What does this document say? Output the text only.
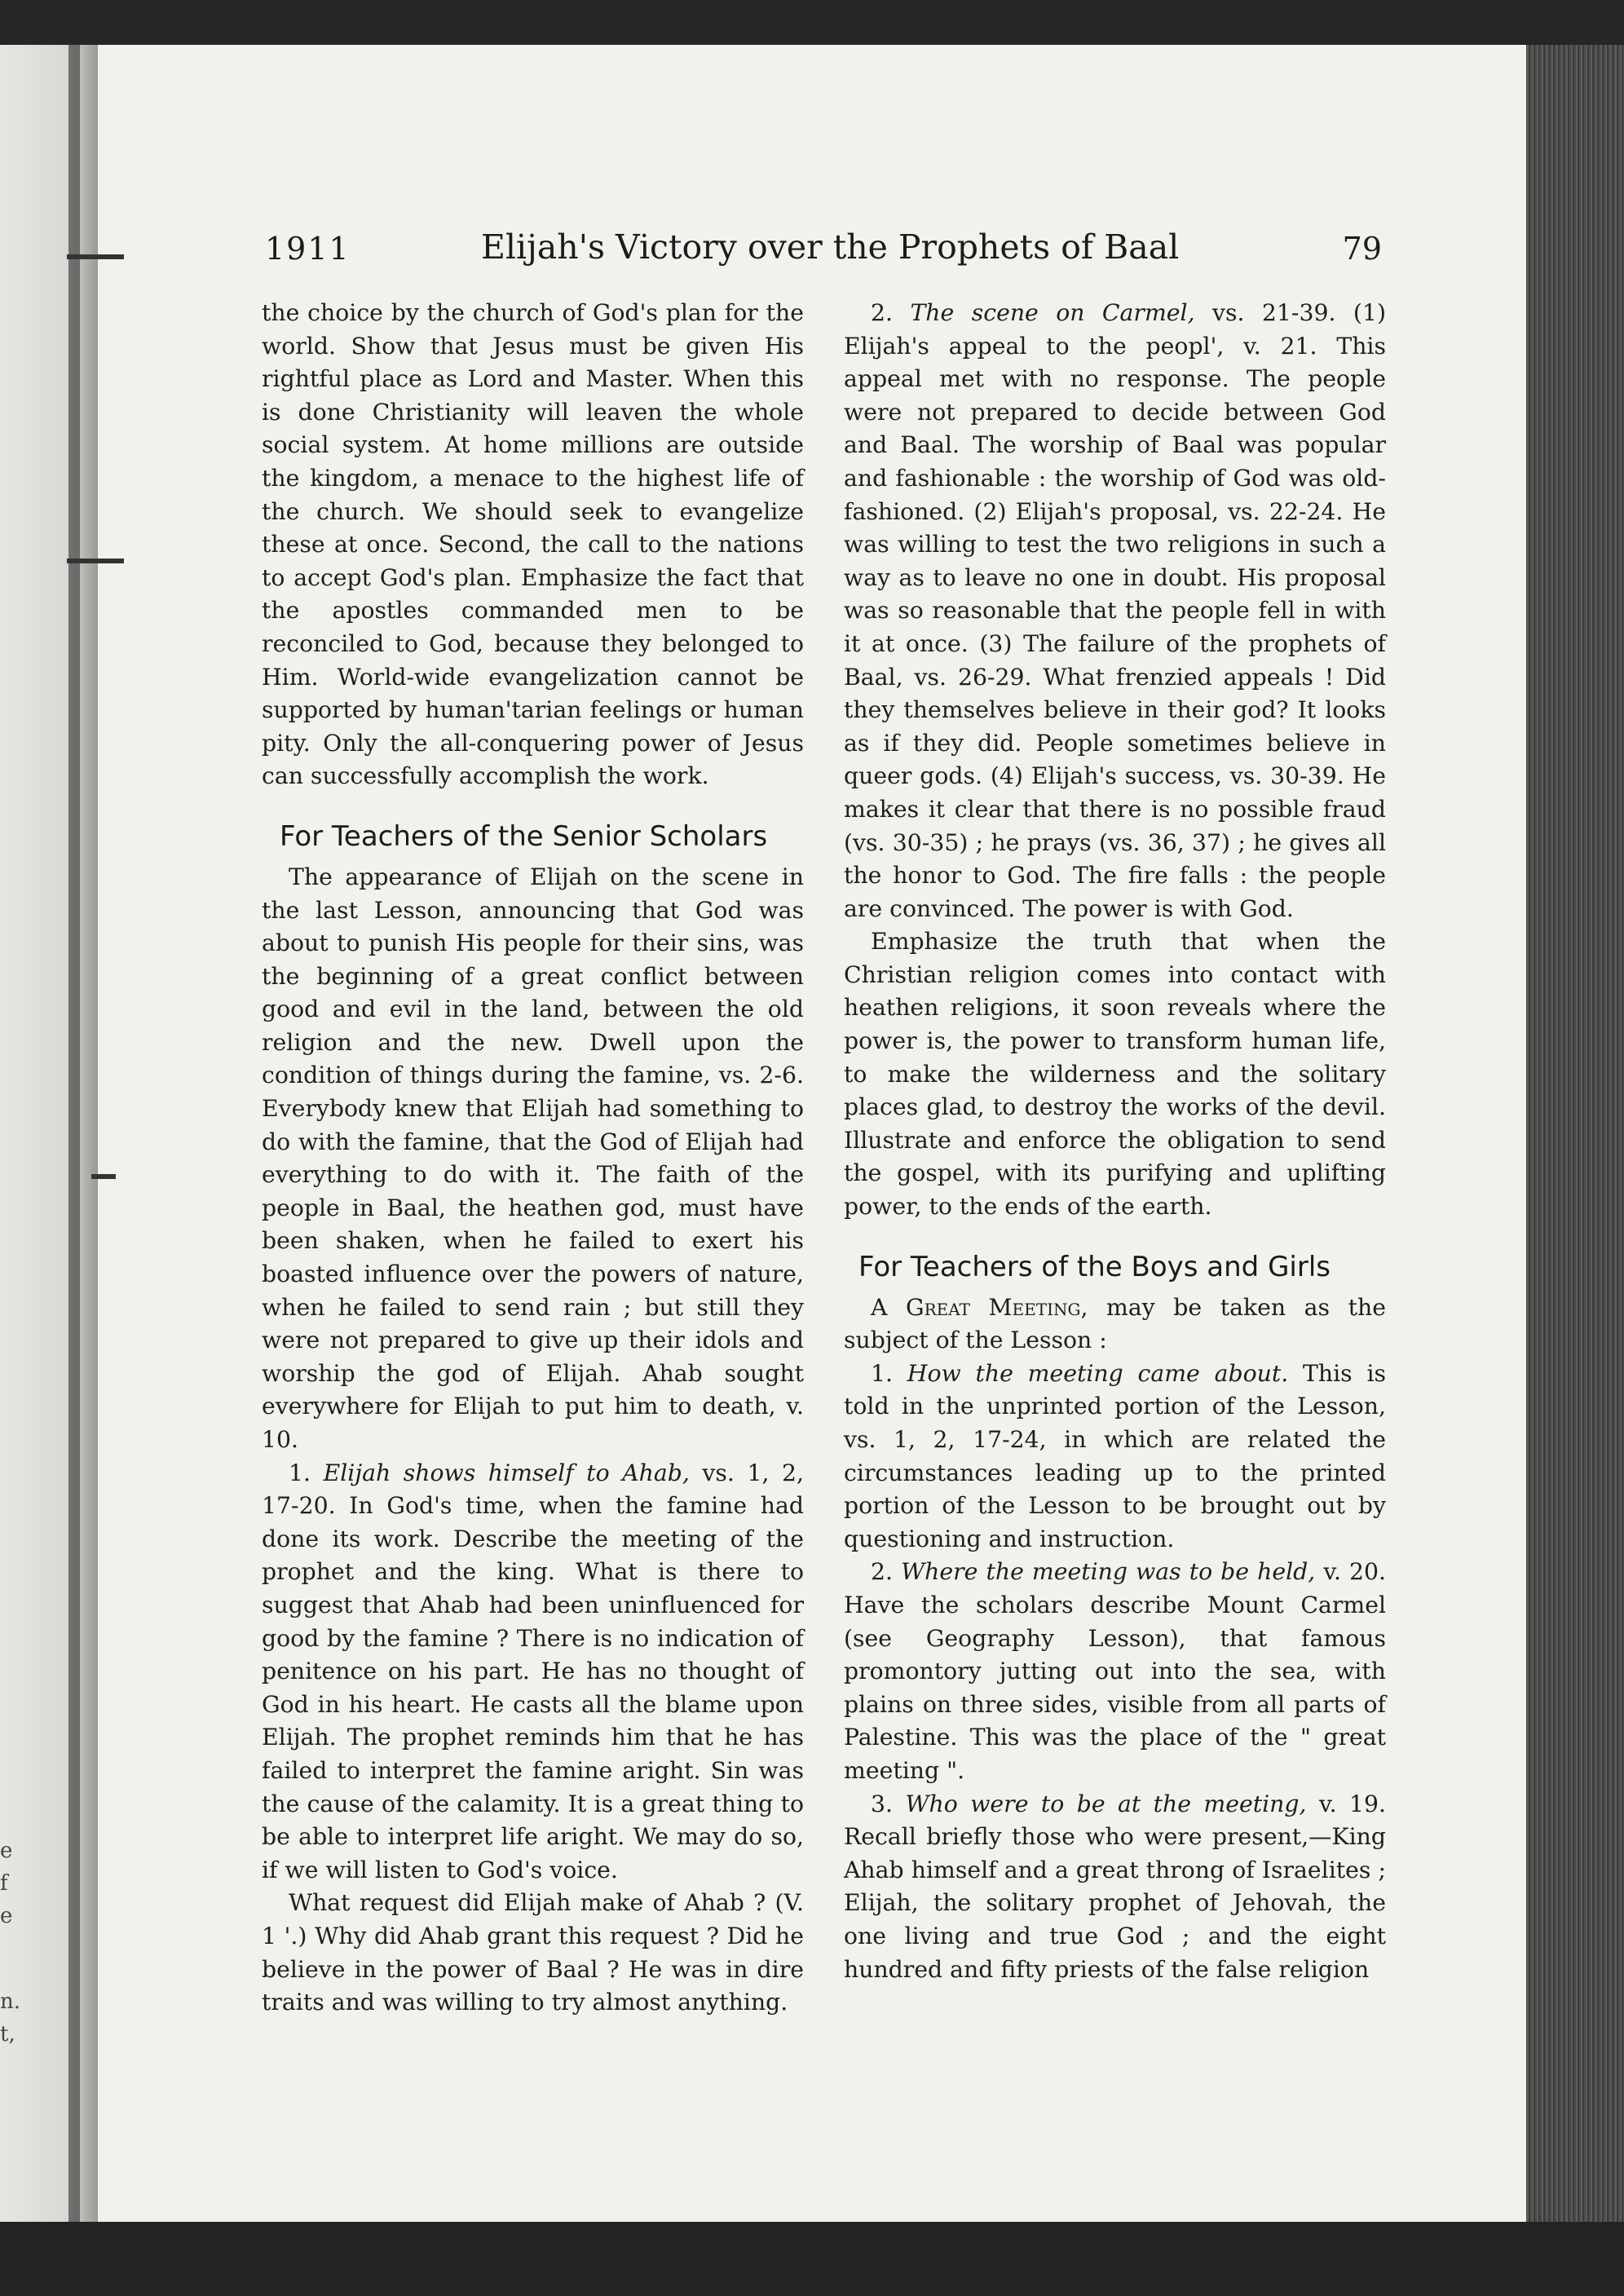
e
f
e
n.
t,
1911	Elijah's Victory over the Prophets of Baal	79

the choice by the church of God's plan for the world. Show that Jesus must be given His rightful place as Lord and Master. When this is done Christianity will leaven the whole social system. At home millions are outside the kingdom, a menace to the highest life of the church. We should seek to evangelize these at once. Second, the call to the nations to accept God's plan. Emphasize the fact that the apostles commanded men to be reconciled to God, because they belonged to Him. World-wide evangelization cannot be supported by human'tarian feelings or human pity. Only the all-conquering power of Jesus can successfully accomplish the work.

For Teachers of the Senior Scholars

The appearance of Elijah on the scene in the last Lesson, announcing that God was about to punish His people for their sins, was the beginning of a great conflict between good and evil in the land, between the old religion and the new. Dwell upon the condition of things during the famine, vs. 2-6. Everybody knew that Elijah had something to do with the famine, that the God of Elijah had everything to do with it. The faith of the people in Baal, the heathen god, must have been shaken, when he failed to exert his boasted influence over the powers of nature, when he failed to send rain ; but still they were not prepared to give up their idols and worship the god of Elijah. Ahab sought everywhere for Elijah to put him to death, v. 10.

1. Elijah shows himself to Ahab, vs. 1, 2, 17-20. In God's time, when the famine had done its work. Describe the meeting of the prophet and the king. What is there to suggest that Ahab had been uninfluenced for good by the famine ? There is no indication of penitence on his part. He has no thought of God in his heart. He casts all the blame upon Elijah. The prophet reminds him that he has failed to interpret the famine aright. Sin was the cause of the calamity. It is a great thing to be able to interpret life aright. We may do so, if we will listen to God's voice.

What request did Elijah make of Ahab ? (V. 1 '.) Why did Ahab grant this request ? Did he believe in the power of Baal ? He was in dire traits and was willing to try almost anything.

2. The scene on Carmel, vs. 21-39. (1) Elijah's appeal to the peopl', v. 21. This appeal met with no response. The people were not prepared to decide between God and Baal. The worship of Baal was popular and fashionable : the worship of God was old-fashioned. (2) Elijah's proposal, vs. 22-24. He was willing to test the two religions in such a way as to leave no one in doubt. His proposal was so reasonable that the people fell in with it at once. (3) The failure of the prophets of Baal, vs. 26-29. What frenzied appeals ! Did they themselves believe in their god? It looks as if they did. People sometimes believe in queer gods. (4) Elijah's success, vs. 30-39. He makes it clear that there is no possible fraud (vs. 30-35) ; he prays (vs. 36, 37) ; he gives all the honor to God. The fire falls : the people are convinced. The power is with God.

Emphasize the truth that when the Christian religion comes into contact with heathen religions, it soon reveals where the power is, the power to transform human life, to make the wilderness and the solitary places glad, to destroy the works of the devil. Illustrate and enforce the obligation to send the gospel, with its purifying and uplifting power, to the ends of the earth.

For Teachers of the Boys and Girls

A Great Meeting, may be taken as the subject of the Lesson :

1. How the meeting came about. This is told in the unprinted portion of the Lesson, vs. 1, 2, 17-24, in which are related the circumstances leading up to the printed portion of the Lesson to be brought out by questioning and instruction.

2. Where the meeting was to be held, v. 20. Have the scholars describe Mount Carmel (see Geography Lesson), that famous promontory jutting out into the sea, with plains on three sides, visible from all parts of Palestine. This was the place of the " great meeting ".

3. Who were to be at the meeting, v. 19. Recall briefly those who were present,—King Ahab himself and a great throng of Israelites ; Elijah, the solitary prophet of Jehovah, the one living and true God ; and the eight hundred and fifty priests of the false religion
